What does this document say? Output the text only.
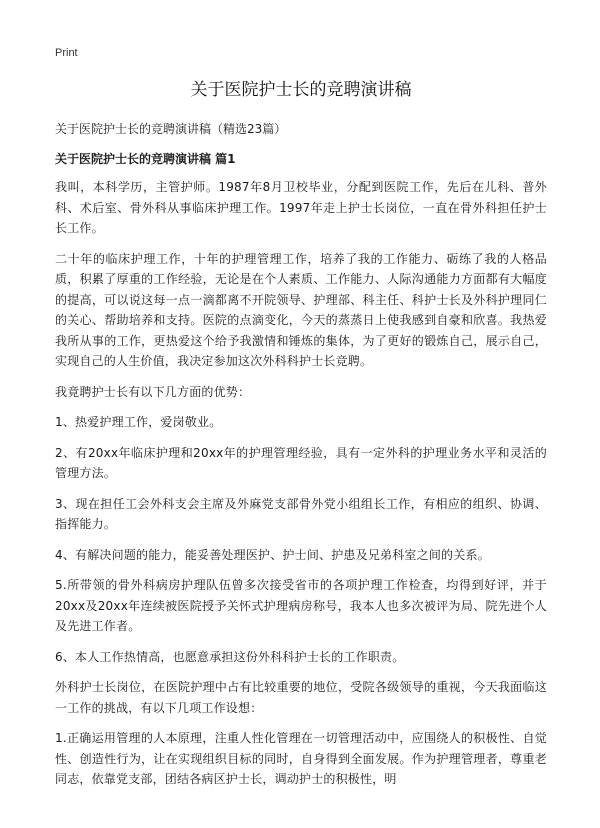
Print
关于医院护士长的竞聘演讲稿

关于医院护士长的竞聘演讲稿（精选23篇）

关于医院护士长的竞聘演讲稿 篇1

我叫，本科学历，主管护师。1987年8月卫校毕业，分配到医院工作，先后在儿科、普外科、术后室、骨外科从事临床护理工作。1997年走上护士长岗位，一直在骨外科担任护士长工作。

二十年的临床护理工作，十年的护理管理工作，培养了我的工作能力、砺练了我的人格品质，积累了厚重的工作经验，无论是在个人素质、工作能力、人际沟通能力方面都有大幅度的提高，可以说这每一点一滴都离不开院领导、护理部、科主任、科护士长及外科护理同仁的关心、帮助培养和支持。医院的点滴变化，今天的蒸蒸日上使我感到自豪和欣喜。我热爱我所从事的工作，更热爱这个给予我激情和锤炼的集体，为了更好的锻炼自己，展示自己，实现自己的人生价值，我决定参加这次外科科护士长竞聘。

我竟聘护士长有以下几方面的优势：

1、热爱护理工作，爱岗敬业。

2、有20xx年临床护理和20xx年的护理管理经验，具有一定外科的护理业务水平和灵活的管理方法。

3、现在担任工会外科支会主席及外麻党支部骨外党小组组长工作，有相应的组织、协调、指挥能力。

4、有解决问题的能力，能妥善处理医护、护士间、护患及兄弟科室之间的关系。

5.所带领的骨外科病房护理队伍曾多次接受省市的各项护理工作检查，均得到好评，并于20xx及20xx年连续被医院授予关怀式护理病房称号，我本人也多次被评为局、院先进个人及先进工作者。

6、本人工作热情高，也愿意承担这份外科科护士长的工作职责。

外科护士长岗位，在医院护理中占有比较重要的地位，受院各级领导的重视，今天我面临这一工作的挑战，有以下几项工作设想：

1.正确运用管理的人本原理，注重人性化管理在一切管理活动中，应围绕人的积极性、自觉性、创造性行为，让在实现组织目标的同时，自身得到全面发展。作为护理管理者，尊重老同志，依靠党支部，团结各病区护士长，调动护士的积极性，明
